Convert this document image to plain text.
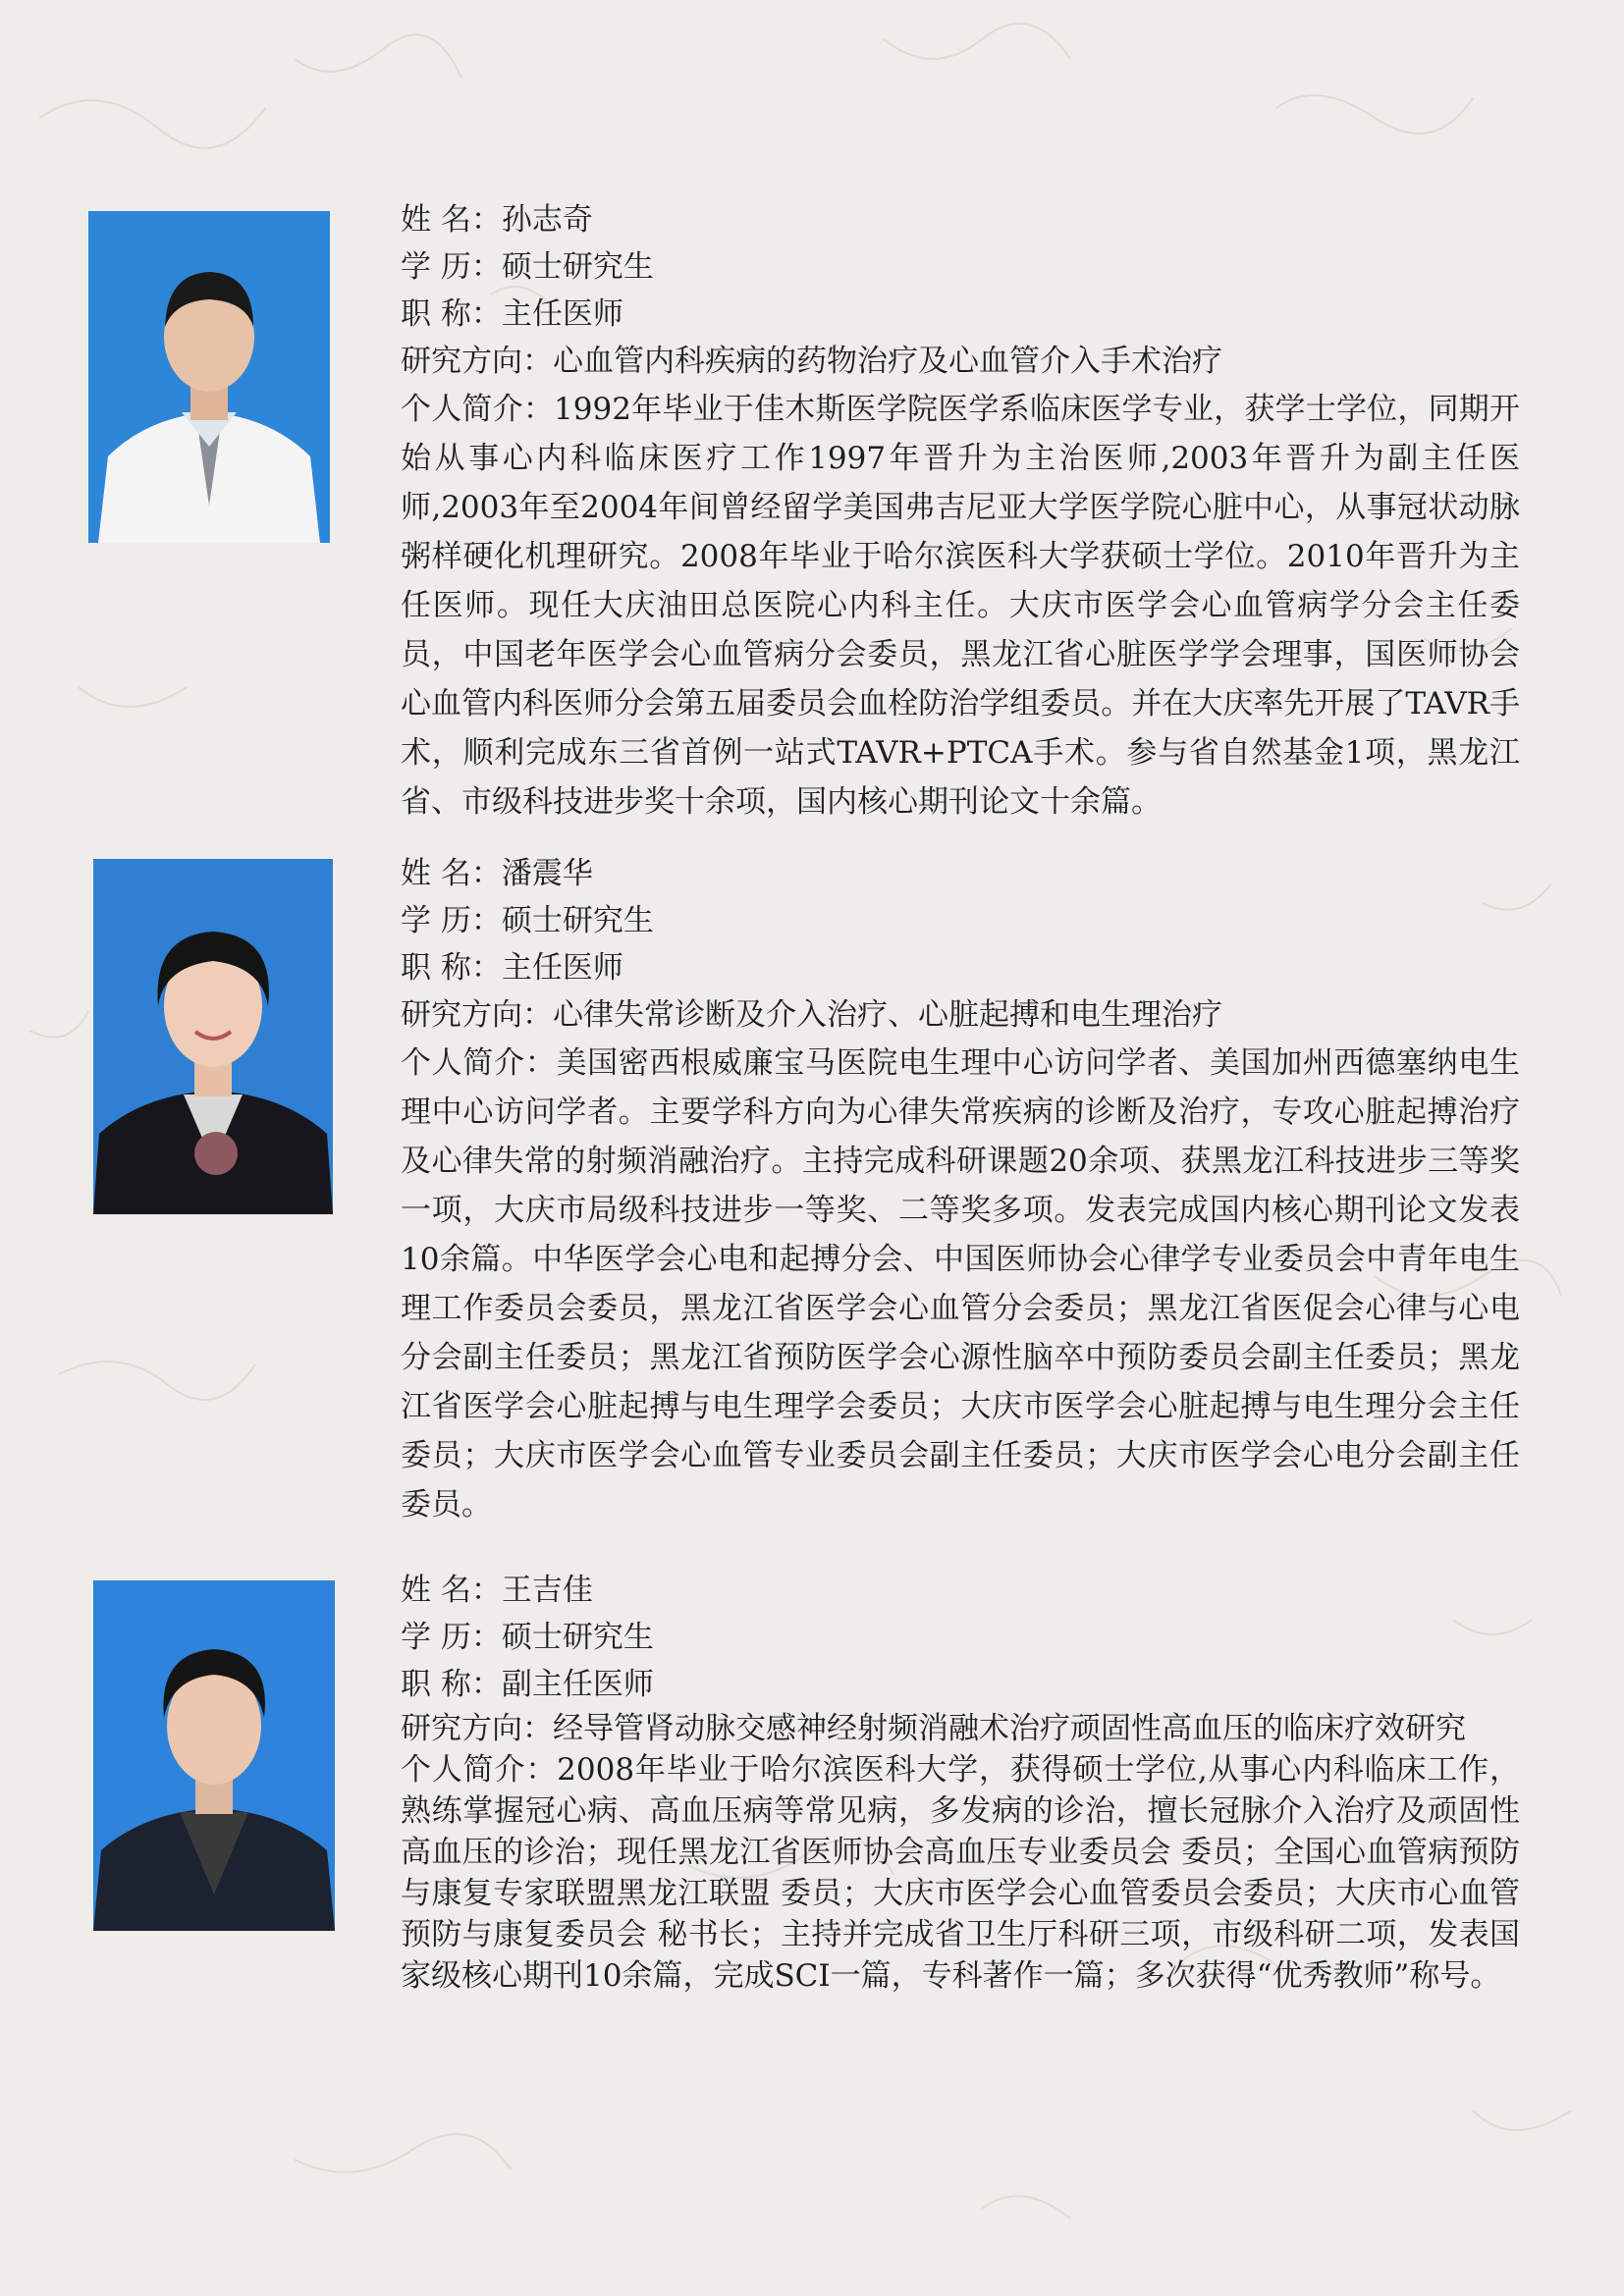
姓 名：孙志奇
学 历：硕士研究生
职 称：主任医师
研究方向：心血管内科疾病的药物治疗及心血管介入手术治疗
个人简介：1992年毕业于佳木斯医学院医学系临床医学专业，获学士学位，同期开始从事心内科临床医疗工作1997年晋升为主治医师,2003年晋升为副主任医师,2003年至2004年间曾经留学美国弗吉尼亚大学医学院心脏中心，从事冠状动脉粥样硬化机理研究。2008年毕业于哈尔滨医科大学获硕士学位。2010年晋升为主任医师。现任大庆油田总医院心内科主任。大庆市医学会心血管病学分会主任委员，中国老年医学会心血管病分会委员，黑龙江省心脏医学学会理事，国医师协会心血管内科医师分会第五届委员会血栓防治学组委员。并在大庆率先开展了TAVR手术，顺利完成东三省首例一站式TAVR+PTCA手术。参与省自然基金1项，黑龙江省、市级科技进步奖十余项，国内核心期刊论文十余篇。
姓 名：潘震华
学 历：硕士研究生
职 称：主任医师
研究方向：心律失常诊断及介入治疗、心脏起搏和电生理治疗
个人简介：美国密西根威廉宝马医院电生理中心访问学者、美国加州西德塞纳电生理中心访问学者。主要学科方向为心律失常疾病的诊断及治疗，专攻心脏起搏治疗及心律失常的射频消融治疗。主持完成科研课题20余项、获黑龙江科技进步三等奖一项，大庆市局级科技进步一等奖、二等奖多项。发表完成国内核心期刊论文发表10余篇。中华医学会心电和起搏分会、中国医师协会心律学专业委员会中青年电生理工作委员会委员，黑龙江省医学会心血管分会委员；黑龙江省医促会心律与心电分会副主任委员；黑龙江省预防医学会心源性脑卒中预防委员会副主任委员；黑龙江省医学会心脏起搏与电生理学会委员；大庆市医学会心脏起搏与电生理分会主任委员；大庆市医学会心血管专业委员会副主任委员；大庆市医学会心电分会副主任委员。
姓 名：王吉佳
学 历：硕士研究生
职 称：副主任医师
研究方向：经导管肾动脉交感神经射频消融术治疗顽固性高血压的临床疗效研究
个人简介：2008年毕业于哈尔滨医科大学，获得硕士学位,从事心内科临床工作，熟练掌握冠心病、高血压病等常见病，多发病的诊治，擅长冠脉介入治疗及顽固性高血压的诊治；现任黑龙江省医师协会高血压专业委员会 委员；全国心血管病预防与康复专家联盟黑龙江联盟 委员；大庆市医学会心血管委员会委员；大庆市心血管预防与康复委员会 秘书长；主持并完成省卫生厅科研三项，市级科研二项，发表国家级核心期刊10余篇，完成SCI一篇，专科著作一篇；多次获得“优秀教师”称号。
